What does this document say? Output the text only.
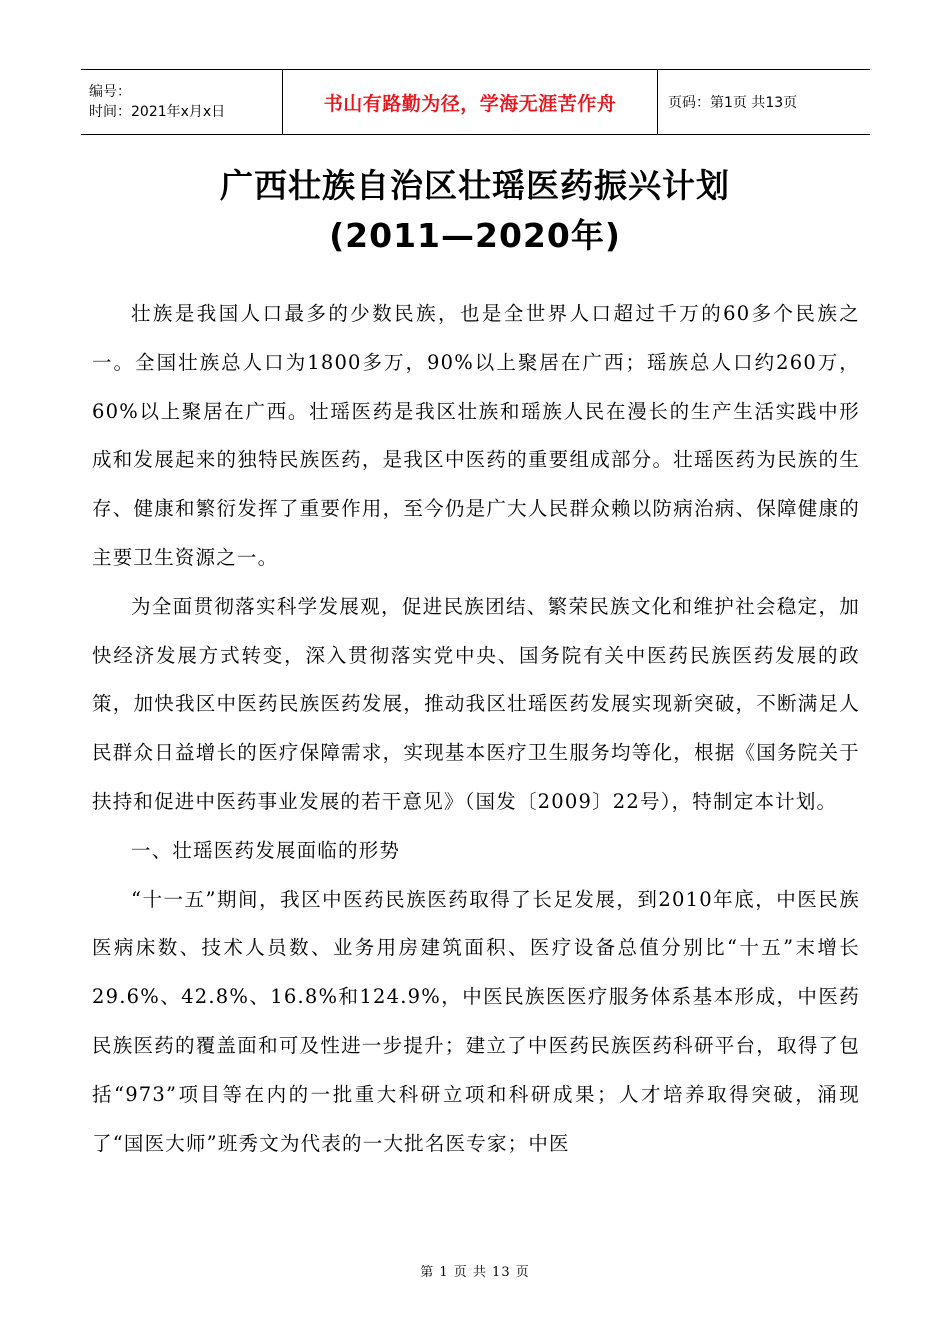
编号：
时间：2021年x月x日	书山有路勤为径，学海无涯苦作舟	页码：第1页 共13页
广西壮族自治区壮瑶医药振兴计划
(2011—2020年)

壮族是我国人口最多的少数民族，也是全世界人口超过千万的60多个民族之一。全国壮族总人口为1800多万，90%以上聚居在广西；瑶族总人口约260万，60%以上聚居在广西。壮瑶医药是我区壮族和瑶族人民在漫长的生产生活实践中形成和发展起来的独特民族医药，是我区中医药的重要组成部分。壮瑶医药为民族的生存、健康和繁衍发挥了重要作用，至今仍是广大人民群众赖以防病治病、保障健康的主要卫生资源之一。

为全面贯彻落实科学发展观，促进民族团结、繁荣民族文化和维护社会稳定，加快经济发展方式转变，深入贯彻落实党中央、国务院有关中医药民族医药发展的政策，加快我区中医药民族医药发展，推动我区壮瑶医药发展实现新突破，不断满足人民群众日益增长的医疗保障需求，实现基本医疗卫生服务均等化，根据《国务院关于扶持和促进中医药事业发展的若干意见》（国发〔2009〕22号），特制定本计划。

一、壮瑶医药发展面临的形势

“十一五”期间，我区中医药民族医药取得了长足发展，到2010年底，中医民族医病床数、技术人员数、业务用房建筑面积、医疗设备总值分别比“十五”末增长29.6%、42.8%、16.8%和124.9%，中医民族医医疗服务体系基本形成，中医药民族医药的覆盖面和可及性进一步提升；建立了中医药民族医药科研平台，取得了包括“973”项目等在内的一批重大科研立项和科研成果；人才培养取得突破，涌现了“国医大师”班秀文为代表的一大批名医专家；中医

第 1 页 共 13 页
